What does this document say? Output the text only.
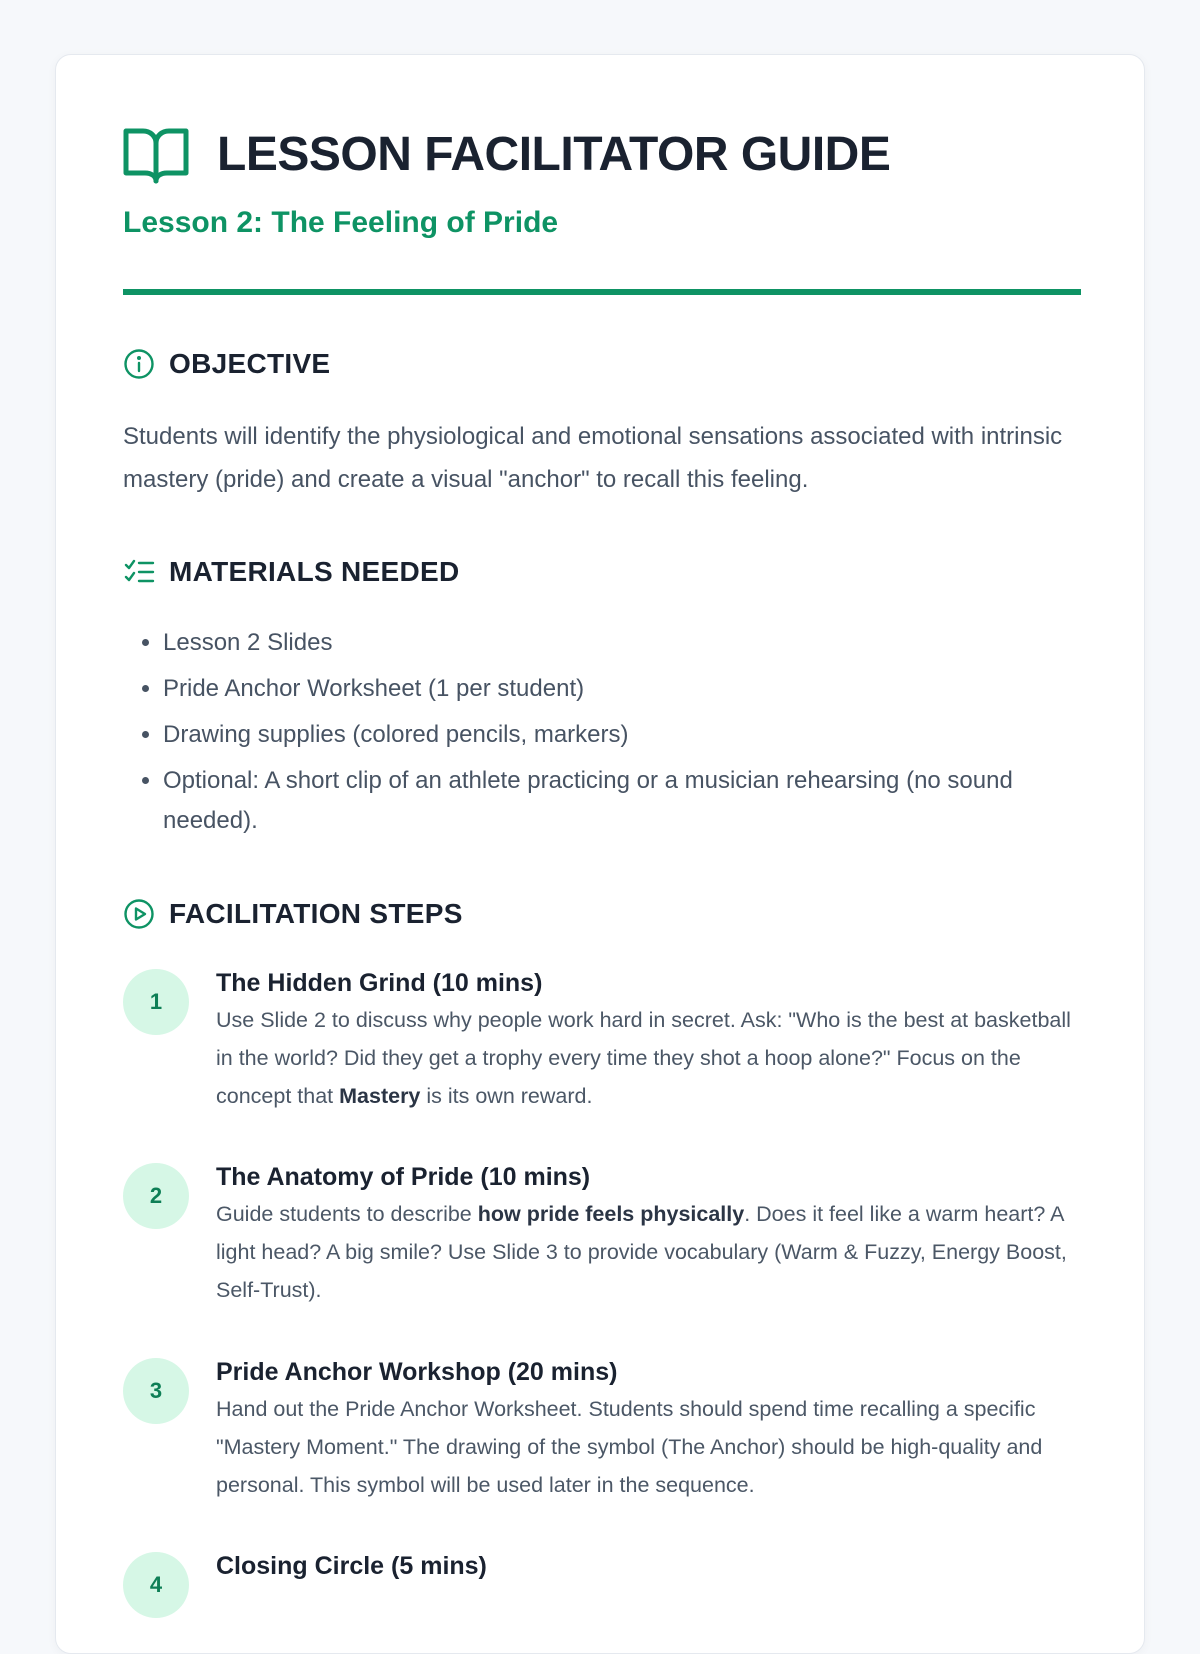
LESSON FACILITATOR GUIDE
Lesson 2: The Feeling of Pride
OBJECTIVE

Students will identify the physiological and emotional sensations associated with intrinsic mastery (pride) and create a visual "anchor" to recall this feeling.

MATERIALS NEEDED
• Lesson 2 Slides
• Pride Anchor Worksheet (1 per student)
• Drawing supplies (colored pencils, markers)
• Optional: A short clip of an athlete practicing or a musician rehearsing (no sound needed).
FACILITATION STEPS
1
The Hidden Grind (10 mins)
Use Slide 2 to discuss why people work hard in secret. Ask: "Who is the best at basketball in the world? Did they get a trophy every time they shot a hoop alone?" Focus on the concept that Mastery is its own reward.
2
The Anatomy of Pride (10 mins)
Guide students to describe how pride feels physically. Does it feel like a warm heart? A light head? A big smile? Use Slide 3 to provide vocabulary (Warm & Fuzzy, Energy Boost, Self-Trust).
3
Pride Anchor Workshop (20 mins)
Hand out the Pride Anchor Worksheet. Students should spend time recalling a specific "Mastery Moment." The drawing of the symbol (The Anchor) should be high-quality and personal. This symbol will be used later in the sequence.
4
Closing Circle (5 mins)
